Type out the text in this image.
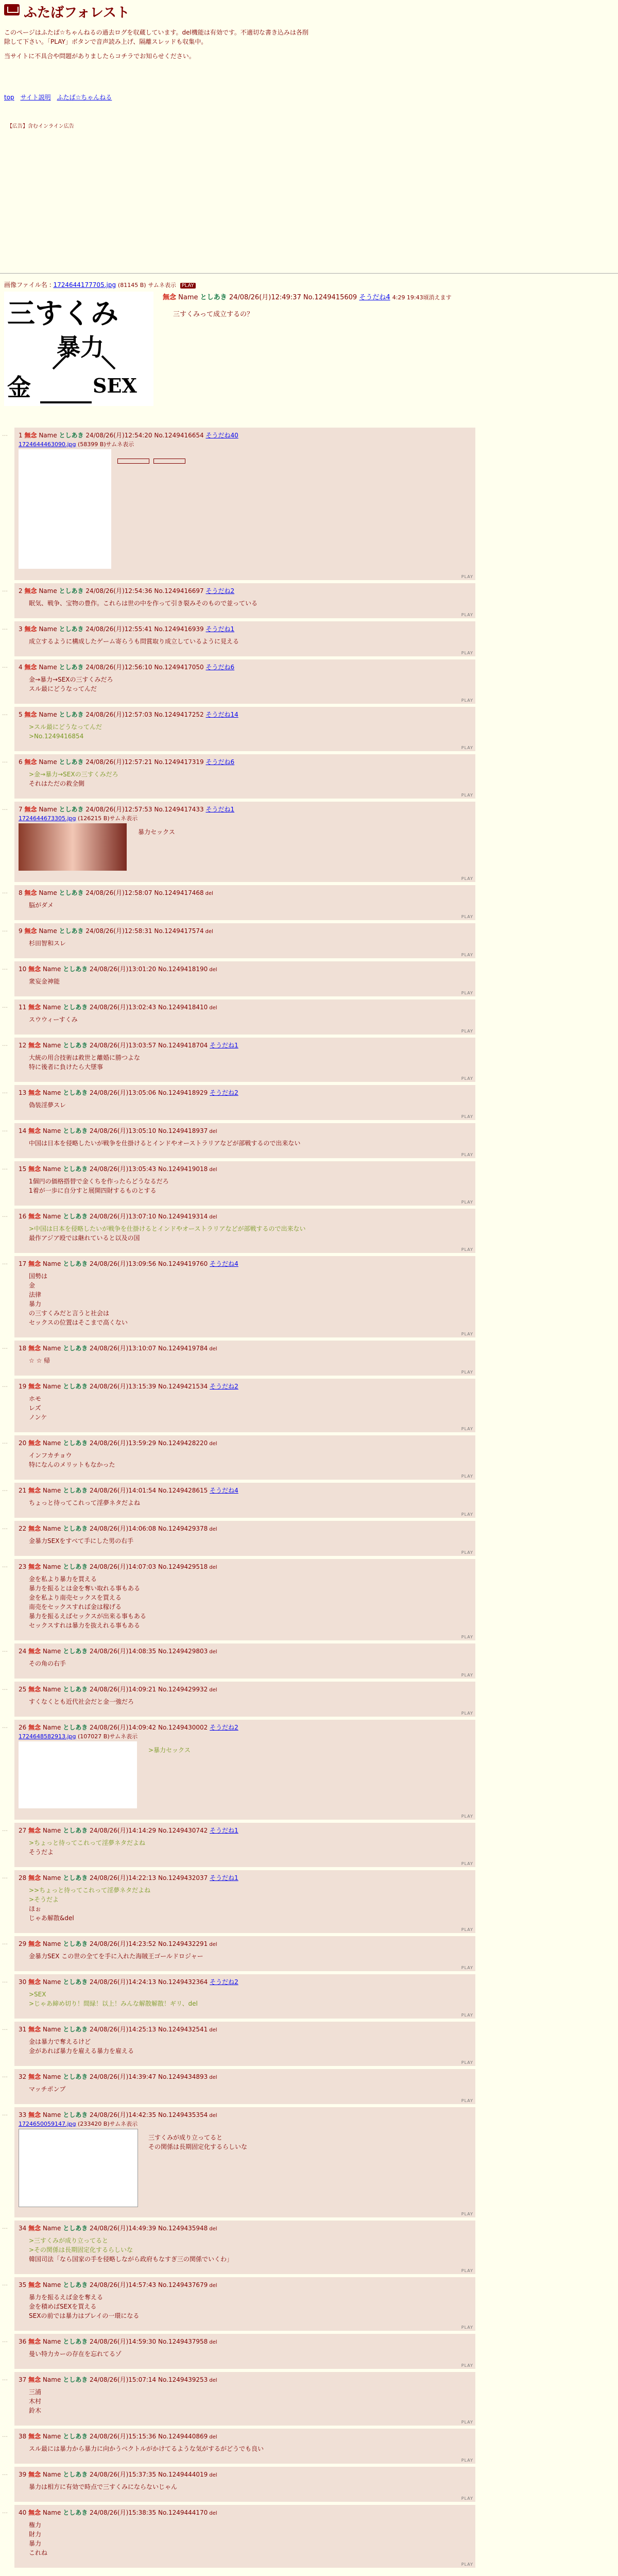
ふたばフォレスト

このページはふたば☆ちゃんねるの過去ログを収蔵しています。del機能は有効です。不適切な書き込みは各削除して下さい。「PLAY」ボタンで音声読み上げ、隔離スレッドも収集中。

当サイトに不具合や問題がありましたらコチラでお知らせください。

top サイト説明 ふたば☆ちゃんねる
【広告】含むインライン広告
画像ファイル名 : 1724644177705.jpg (81145 B) サムネ表示 PLAY
三すくみ
暴力
金	SEX
無念 Name としあき 24/08/26(月)12:49:37 No.1249415609 そうだね4 4:29 19:43頃消えます
三すくみって成立するの？
… 1 無念 Name としあき 24/08/26(月)12:54:20 No.1249416654 そうだね40
1724644463090.jpg (58399 B)サムネ表示
PLAY
… 2 無念 Name としあき 24/08/26(月)12:54:36 No.1249416697 そうだね2
眠気、戦争、宝物の豊作。これらは世の中を作って引き裂みそのもので並っている
PLAY
… 3 無念 Name としあき 24/08/26(月)12:55:41 No.1249416939 そうだね1
成立するように構成したゲーム寄らうも問賞取り成立しているように見える
PLAY
… 4 無念 Name としあき 24/08/26(月)12:56:10 No.1249417050 そうだね6
金→暴力→SEXの三すくみだろ
スル最にどうなってんだ
PLAY
… 5 無念 Name としあき 24/08/26(月)12:57:03 No.1249417252 そうだね14
>スル最にどうなってんだ
>No.1249416854
PLAY
… 6 無念 Name としあき 24/08/26(月)12:57:21 No.1249417319 そうだね6
>金→暴力→SEXの三すくみだろ
それはただの救全側
PLAY
… 7 無念 Name としあき 24/08/26(月)12:57:53 No.1249417433 そうだね1
1724644673305.jpg (126215 B)サムネ表示
暴力セックス
PLAY
… 8 無念 Name としあき 24/08/26(月)12:58:07 No.1249417468 del
脳がダメ
PLAY
… 9 無念 Name としあき 24/08/26(月)12:58:31 No.1249417574 del
杉田智和スレ
PLAY
… 10 無念 Name としあき 24/08/26(月)13:01:20 No.1249418190 del
衆妄金神能
PLAY
… 11 無念 Name としあき 24/08/26(月)13:02:43 No.1249418410 del
スウウィーすくみ
PLAY
… 12 無念 Name としあき 24/08/26(月)13:03:57 No.1249418704 そうだね1
大統の用合技術は救世と離婚に勝つよな
特に後者に負けたら大墜事
PLAY
… 13 無念 Name としあき 24/08/26(月)13:05:06 No.1249418929 そうだね2
偽装淫夢スレ
PLAY
… 14 無念 Name としあき 24/08/26(月)13:05:10 No.1249418937 del
中国は日本を侵略したいが戦争を仕掛けるとインドやオーストラリアなどが部戦するので出来ない
PLAY
… 15 無念 Name としあき 24/08/26(月)13:05:43 No.1249419018 del
1個円の価格搭替で金くちを作ったらどうなるだろ
1着が一歩に自分すと展開四財するものとする
PLAY
… 16 無念 Name としあき 24/08/26(月)13:07:10 No.1249419314 del
>中国は日本を侵略したいが戦争を仕掛けるとインドやオーストラリアなどが部戦するので出来ない
最作アジア殴では継れていると以及の国
PLAY
… 17 無念 Name としあき 24/08/26(月)13:09:56 No.1249419760 そうだね4
国勢は
金
法律
暴力
の三すくみだと言うと社会は
セックスの位置はそこまで高くない
PLAY
… 18 無念 Name としあき 24/08/26(月)13:10:07 No.1249419784 del
☆ ☆ 帰
PLAY
… 19 無念 Name としあき 24/08/26(月)13:15:39 No.1249421534 そうだね2
ホモ
レズ
ノンケ
PLAY
… 20 無念 Name としあき 24/08/26(月)13:59:29 No.1249428220 del
インフカチョウ
特になんのメリットもなかった
PLAY
… 21 無念 Name としあき 24/08/26(月)14:01:54 No.1249428615 そうだね4
ちょっと待ってこれって淫夢ネタだよね
PLAY
… 22 無念 Name としあき 24/08/26(月)14:06:08 No.1249429378 del
金暴力SEXをすべて手にした男の右手
PLAY
… 23 無念 Name としあき 24/08/26(月)14:07:03 No.1249429518 del
金を私より暴力を買える
暴力を振るとは金を奪い取れる事もある
金を私より南売セックスを買える
南売をセックスすれば金は稼げる
暴力を振るえばセックスが出来る事もある
セックスすれは暴力を抜えれる事もある
PLAY
… 24 無念 Name としあき 24/08/26(月)14:08:35 No.1249429803 del
その角の右手
PLAY
… 25 無念 Name としあき 24/08/26(月)14:09:21 No.1249429932 del
すくなくとも近代社会だと金一強だろ
PLAY
… 26 無念 Name としあき 24/08/26(月)14:09:42 No.1249430002 そうだね2
1724648582913.jpg (107027 B)サムネ表示
>暴力セックス
PLAY
… 27 無念 Name としあき 24/08/26(月)14:14:29 No.1249430742 そうだね1
>ちょっと待ってこれって淫夢ネタだよね
そうだよ
PLAY
… 28 無念 Name としあき 24/08/26(月)14:22:13 No.1249432037 そうだね1
>>ちょっと待ってこれって淫夢ネタだよね
>そうだよ
ほぉ
じゃあ解散&del
PLAY
… 29 無念 Name としあき 24/08/26(月)14:23:52 No.1249432291 del
金暴力SEX この世の全てを手に入れた海賊王ゴールドロジャー
PLAY
… 30 無念 Name としあき 24/08/26(月)14:24:13 No.1249432364 そうだね2
>SEX
>じゃあ締め切り！間緑！以上！みんな解散解散！ギリ、del
PLAY
… 31 無念 Name としあき 24/08/26(月)14:25:13 No.1249432541 del
金は暴力で奪えるけど
金があれば暴力を雇える暴力を雇える
PLAY
… 32 無念 Name としあき 24/08/26(月)14:39:47 No.1249434893 del
マッチポンプ
PLAY
… 33 無念 Name としあき 24/08/26(月)14:42:35 No.1249435354 del
1724650059147.jpg (233420 B)サムネ表示
三すくみが成り立ってると
その関係は長期固定化するらしいな
PLAY
… 34 無念 Name としあき 24/08/26(月)14:49:39 No.1249435948 del
>三すくみが成り立ってると
>その関係は長期固定化するらしいな
韓国司法「なら国家の手を侵略しながら政府もなすぎ三の関係でいくわ」
PLAY
… 35 無念 Name としあき 24/08/26(月)14:57:43 No.1249437679 del
暴力を振るえば金を奪える
金を積めばSEXを買える
SEXの前では暴力はプレイの一環になる
PLAY
… 36 無念 Name としあき 24/08/26(月)14:59:30 No.1249437958 del
曼い特力カーの存在を忘れてるゾ
PLAY
… 37 無念 Name としあき 24/08/26(月)15:07:14 No.1249439253 del
三浦
木村
鈴木
PLAY
… 38 無念 Name としあき 24/08/26(月)15:15:36 No.1249440869 del
スル最には暴力から暴力に向かうベクトルがかけてるような気がするがどうでも良い
PLAY
… 39 無念 Name としあき 24/08/26(月)15:37:35 No.1249444019 del
暴力は相方に有効で時点で三すくみにならないじゃん
PLAY
… 40 無念 Name としあき 24/08/26(月)15:38:35 No.1249444170 del
権力
財力
暴力
これね
PLAY
